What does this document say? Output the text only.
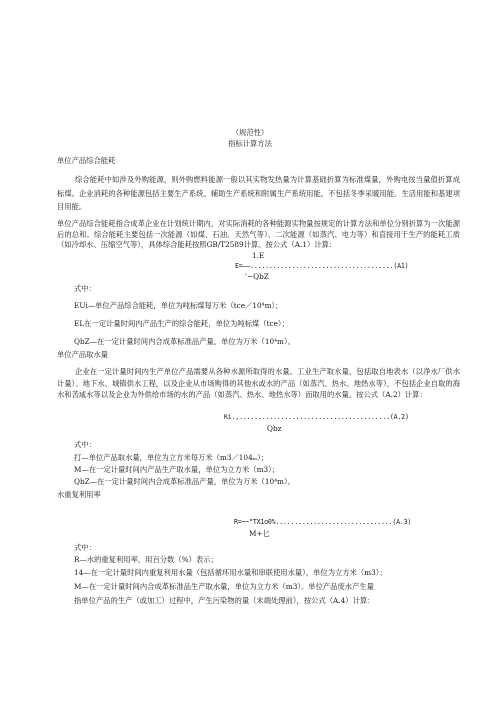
（规范性）
指标计算方法
单位产品综合能耗
综合能耗中如涉及外购能源，则外购燃料能源一般以其实物发热量为计算基础折算为标准煤量，外购电按当量值折算成标煤。企业消耗的各种能源包括主要生产系统、辅助生产系统和附属生产系统用能，不包括冬季采暖用能、生活用能和基建项目用能。
单位产品综合能耗指合成革企业在计划统计期内，对实际消耗的各种能源实物量按规定的计算方法和单位分别折算为一次能源后的总和。综合能耗主要包括一次能源（如煤、石油、天然气等）、二次能源（如蒸汽、电力等）和直接用于生产的能耗工质（如冷却水、压缩空气等），具体综合能耗按照GB/T2589计算。按公式（A.1）计算：
1.E
E=——......................................(A1)
'~QbZ
式中：
EUi—单位产品综合能耗，单位为吨标煤每万米（tce／10⁴m）；
EL在一定计量时间内产品生产的综合能耗，单位为吨标煤（tce）；
QbZ—在一定计量时间内合成革标准品产量，单位为万米（10⁴m）。
单位产品取水量
企业在一定计量时间内生产单位产品需要从各种水源所取得的水量。工业生产取水量，包括取自地表水（以净水厂供水计量）、地下水、城镇供水工程，以及企业从市场购得的其他水或水的产品（如蒸汽、热水、地热水等），不包括企业自取的海水和苦咸水等以及企业为外供给市场的水的产品（如蒸汽、热水、地热水等）而取用的水量。按公式（A.2）计算：
Ki.,........................................(A.2)
Qbz
式中：
打—单位产品取水量，单位为立方米每万米（m3／104ₘ）；
M—在一定计量时间内产品生产取水量，单位为立方米（m3）；
QbZ—在一定计量时间内合成革标准品产量，单位为万米（10⁴m）。
水重复利用率
R=~~"TX1o0%...............................(A.3)
M+匕
式中：
R—水的重复利用率，用百分数（%）表示；
14—在一定计量时间内重复利用水量（包括循环用水量和串联使用水量），单位为立方米（m3）；
M—在一定计量时间内合成革标准品生产取水量，单位为立方米（m3）。单位产品废水产生量
指单位产品的生产（或加工）过程中，产生污染物的量（末端处理前），按公式（A.4）计算：
